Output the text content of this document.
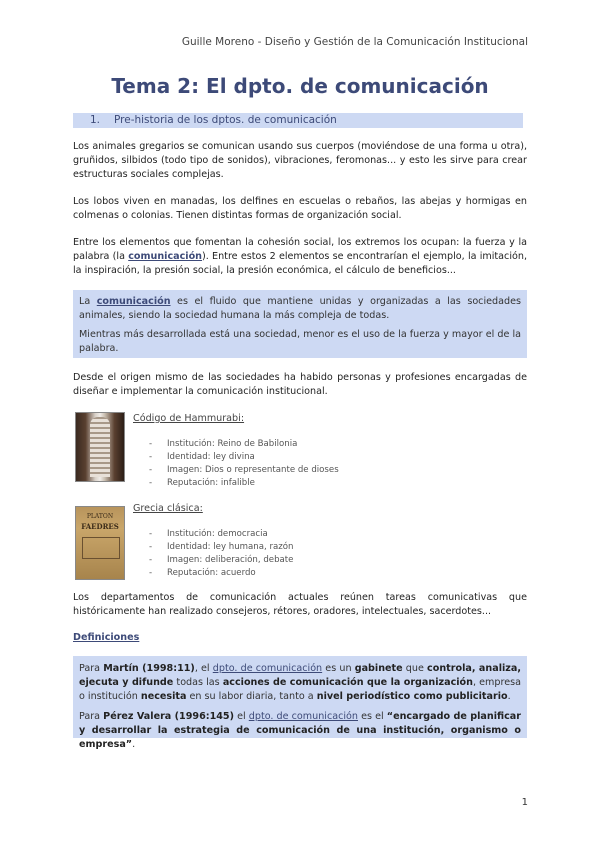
Guille Moreno - Diseño y Gestión de la Comunicación Institucional
Tema 2: El dpto. de comunicación
1. Pre-historia de los dptos. de comunicación
Los animales gregarios se comunican usando sus cuerpos (moviéndose de una forma u otra), gruñidos, silbidos (todo tipo de sonidos), vibraciones, feromonas... y esto les sirve para crear estructuras sociales complejas.
Los lobos viven en manadas, los delfines en escuelas o rebaños, las abejas y hormigas en colmenas o colonias. Tienen distintas formas de organización social.
Entre los elementos que fomentan la cohesión social, los extremos los ocupan: la fuerza y la palabra (la comunicación). Entre estos 2 elementos se encontrarían el ejemplo, la imitación, la inspiración, la presión social, la presión económica, el cálculo de beneficios...
La comunicación es el fluido que mantiene unidas y organizadas a las sociedades animales, siendo la sociedad humana la más compleja de todas.
Mientras más desarrollada está una sociedad, menor es el uso de la fuerza y mayor el de la palabra.
Desde el origen mismo de las sociedades ha habido personas y profesiones encargadas de diseñar e implementar la comunicación institucional.
Código de Hammurabi:
- Institución: Reino de Babilonia
- Identidad: ley divina
- Imagen: Dios o representante de dioses
- Reputación: infalible
PLATON
FAEDRES
Grecia clásica:
- Institución: democracia
- Identidad: ley humana, razón
- Imagen: deliberación, debate
- Reputación: acuerdo
Los departamentos de comunicación actuales reúnen tareas comunicativas que históricamente han realizado consejeros, rétores, oradores, intelectuales, sacerdotes...
Definiciones
Para Martín (1998:11), el dpto. de comunicación es un gabinete que controla, analiza, ejecuta y difunde todas las acciones de comunicación que la organización, empresa o institución necesita en su labor diaria, tanto a nivel periodístico como publicitario.
Para Pérez Valera (1996:145) el dpto. de comunicación es el “encargado de planificar y desarrollar la estrategia de comunicación de una institución, organismo o empresa”.
1
